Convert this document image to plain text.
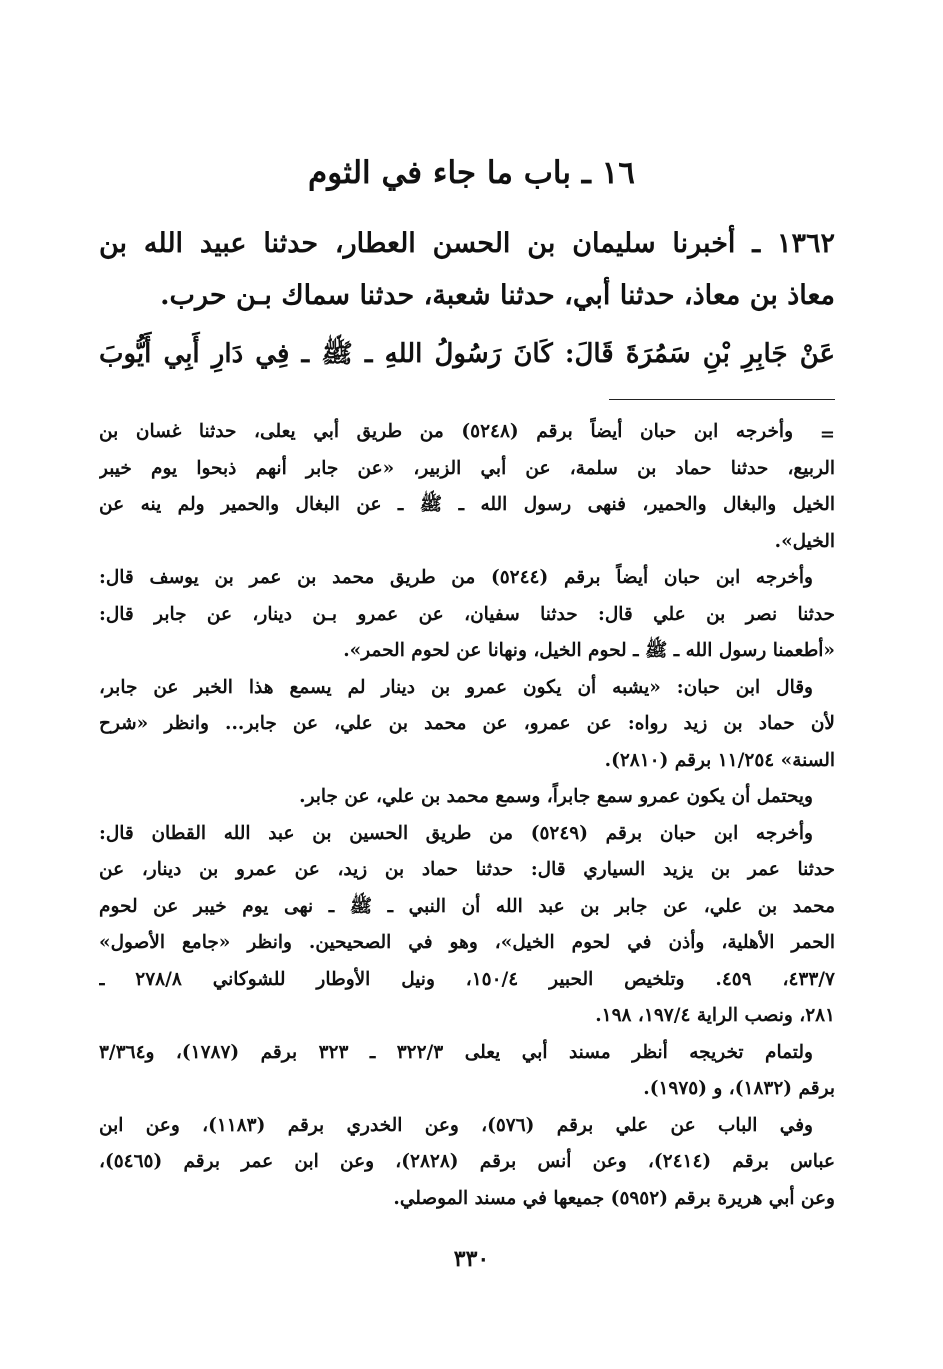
١٦ ـ باب ما جاء في الثوم
١٣٦٢ ـ أخبرنا سليمان بن الحسن العطار، حدثنا عبيد الله بن
معاذ بن معاذ، حدثنا أبي، حدثنا شعبة، حدثنا سماك بـن حرب.
عَنْ جَابِرِ بْنِ سَمُرَةَ قَالَ: كَانَ رَسُولُ اللهِ ـ ﷺ ـ فِي دَارِ أَبِي أَيُّوبَ
=
وأخرجه ابن حبان أيضاً برقم (٥٢٤٨) من طريق أبي يعلى، حدثنا غسان بن
الربيع، حدثنا حماد بن سلمة، عن أبي الزبير، «عن جابر أنهم ذبحوا يوم خيبر
الخيل والبغال والحمير، فنهى رسول الله ـ ﷺ ـ عن البغال والحمير ولم ينه عن
الخيل».
وأخرجه ابن حبان أيضاً برقم (٥٢٤٤) من طريق محمد بن عمر بن يوسف قال:
حدثنا نصر بن علي قال: حدثنا سفيان، عن عمرو بـن دينار، عن جابر قال:
«أطعمنا رسول الله ـ ﷺ ـ لحوم الخيل، ونهانا عن لحوم الحمر».
وقال ابن حبان: «يشبه أن يكون عمرو بن دينار لم يسمع هذا الخبر عن جابر،
لأن حماد بن زيد رواه: عن عمرو، عن محمد بن علي، عن جابر... وانظر «شرح
السنة» ١١/٢٥٤ برقم (٢٨١٠).
ويحتمل أن يكون عمرو سمع جابراً، وسمع محمد بن علي، عن جابر.
وأخرجه ابن حبان برقم (٥٢٤٩) من طريق الحسين بن عبد الله القطان قال:
حدثنا عمر بن يزيد السياري قال: حدثنا حماد بن زيد، عن عمرو بن دينار، عن
محمد بن علي، عن جابر بن عبد الله أن النبي ـ ﷺ ـ نهى يوم خيبر عن لحوم
الحمر الأهلية، وأذن في لحوم الخيل»، وهو في الصحيحين. وانظر «جامع الأصول»
٤٣٣/٧، ٤٥٩. وتلخيص الحبير ١٥٠/٤، ونيل الأوطار للشوكاني ٢٧٨/٨ ـ
٢٨١، ونصب الراية ١٩٧/٤، ١٩٨.
ولتمام تخريجه أنظر مسند أبي يعلى ٣٢٢/٣ ـ ٣٢٣ برقم (١٧٨٧)، و٣/٣٦٤
برقم (١٨٣٢)، و (١٩٧٥).
وفي الباب عن علي برقم (٥٧٦)، وعن الخدري برقم (١١٨٣)، وعن ابن
عباس برقم (٢٤١٤)، وعن أنس برقم (٢٨٢٨)، وعن ابن عمر برقم (٥٤٦٥)،
وعن أبي هريرة برقم (٥٩٥٢) جميعها في مسند الموصلي.
٣٣٠
